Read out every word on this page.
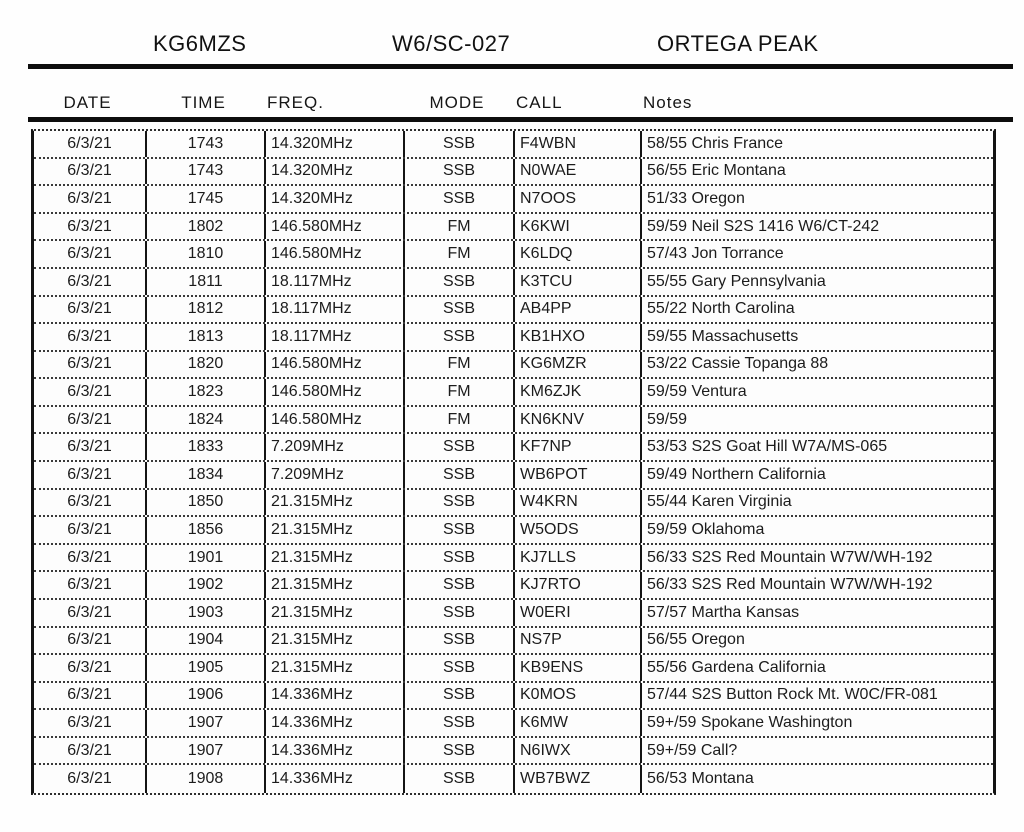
KG6MZS	W6/SC-027	ORTEGA PEAK
DATE	TIME	FREQ.	MODE	CALL	Notes
6/3/21	1743	14.320MHz	SSB	F4WBN	58/55 Chris France
6/3/21	1743	14.320MHz	SSB	N0WAE	56/55 Eric Montana
6/3/21	1745	14.320MHz	SSB	N7OOS	51/33 Oregon
6/3/21	1802	146.580MHz	FM	K6KWI	59/59 Neil S2S 1416 W6/CT-242
6/3/21	1810	146.580MHz	FM	K6LDQ	57/43 Jon Torrance
6/3/21	1811	18.117MHz	SSB	K3TCU	55/55 Gary Pennsylvania
6/3/21	1812	18.117MHz	SSB	AB4PP	55/22 North Carolina
6/3/21	1813	18.117MHz	SSB	KB1HXO	59/55 Massachusetts
6/3/21	1820	146.580MHz	FM	KG6MZR	53/22 Cassie Topanga 88
6/3/21	1823	146.580MHz	FM	KM6ZJK	59/59 Ventura
6/3/21	1824	146.580MHz	FM	KN6KNV	59/59
6/3/21	1833	7.209MHz	SSB	KF7NP	53/53 S2S Goat Hill W7A/MS-065
6/3/21	1834	7.209MHz	SSB	WB6POT	59/49 Northern California
6/3/21	1850	21.315MHz	SSB	W4KRN	55/44 Karen Virginia
6/3/21	1856	21.315MHz	SSB	W5ODS	59/59 Oklahoma
6/3/21	1901	21.315MHz	SSB	KJ7LLS	56/33 S2S Red Mountain W7W/WH-192
6/3/21	1902	21.315MHz	SSB	KJ7RTO	56/33 S2S Red Mountain W7W/WH-192
6/3/21	1903	21.315MHz	SSB	W0ERI	57/57 Martha Kansas
6/3/21	1904	21.315MHz	SSB	NS7P	56/55 Oregon
6/3/21	1905	21.315MHz	SSB	KB9ENS	55/56 Gardena California
6/3/21	1906	14.336MHz	SSB	K0MOS	57/44 S2S Button Rock Mt. W0C/FR-081
6/3/21	1907	14.336MHz	SSB	K6MW	59+/59 Spokane Washington
6/3/21	1907	14.336MHz	SSB	N6IWX	59+/59 Call?
6/3/21	1908	14.336MHz	SSB	WB7BWZ	56/53 Montana
